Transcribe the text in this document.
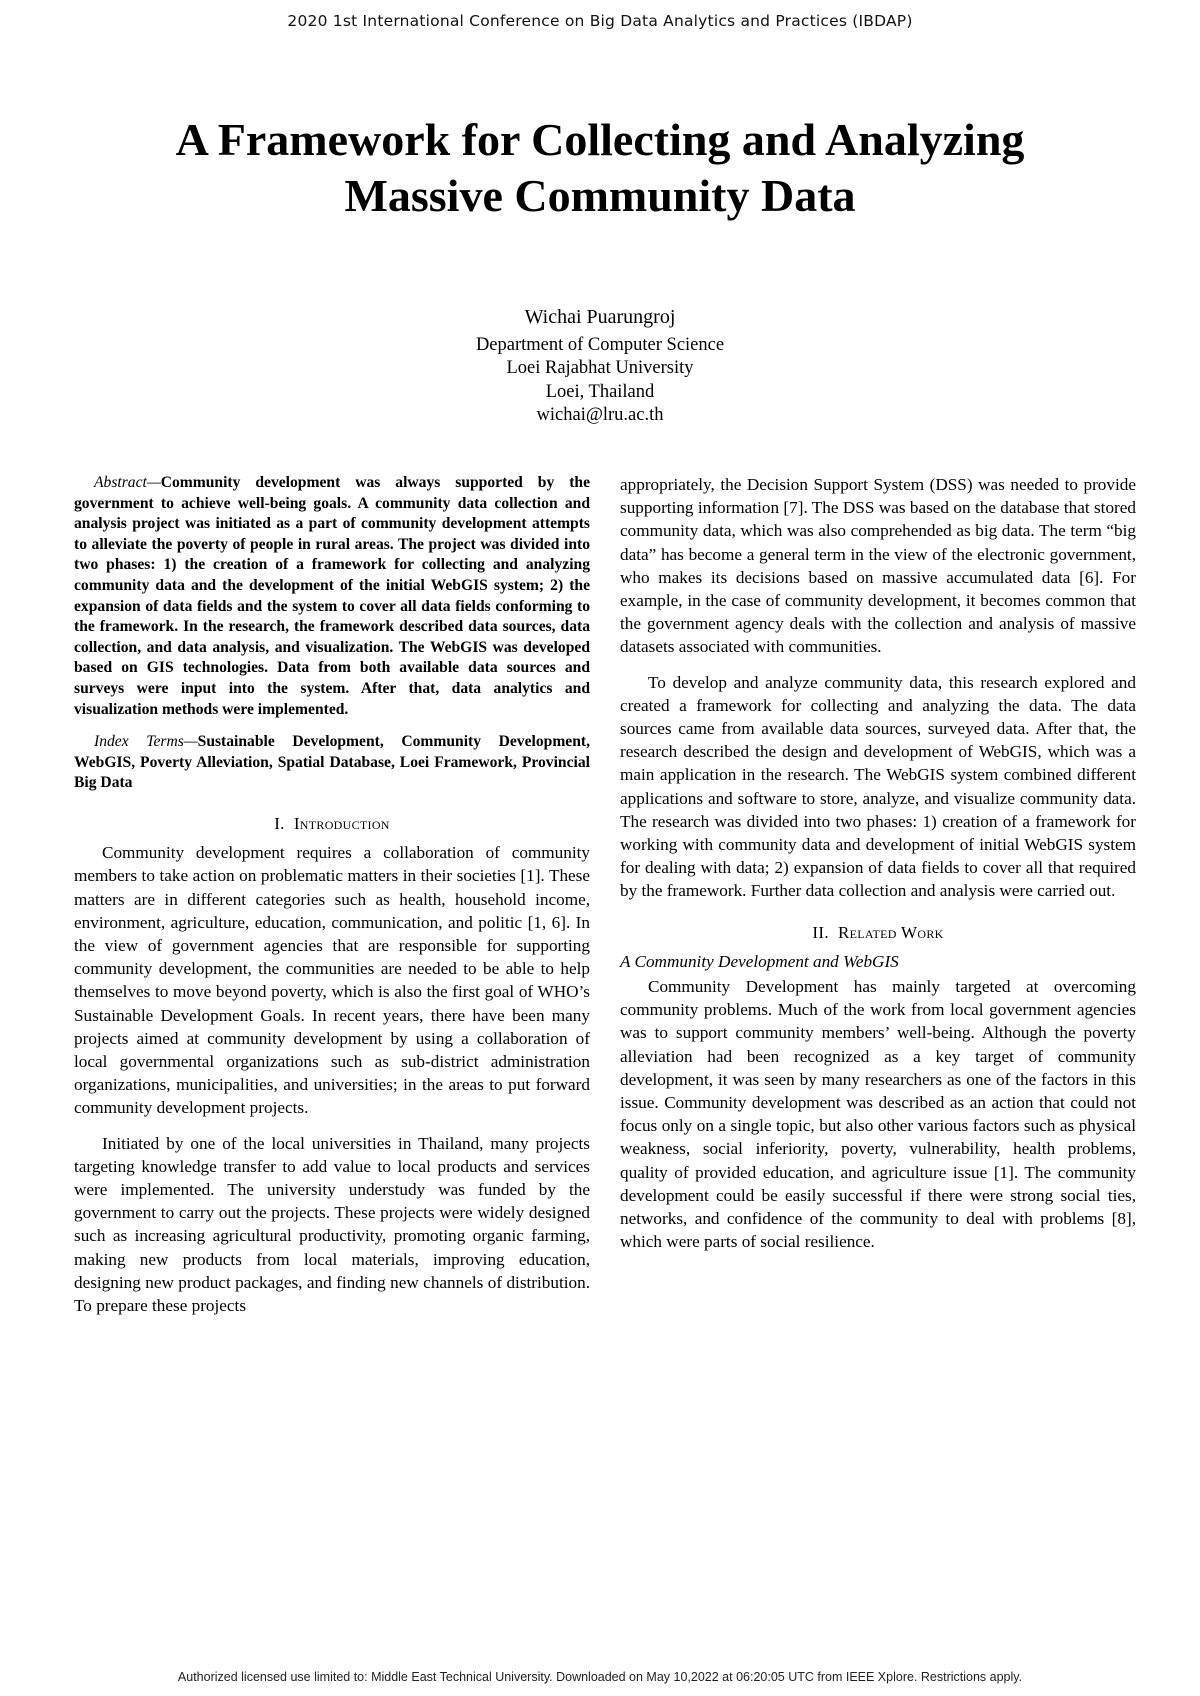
2020 1st International Conference on Big Data Analytics and Practices (IBDAP)
A Framework for Collecting and Analyzing
Massive Community Data
Wichai Puarungroj
Department of Computer Science
Loei Rajabhat University
Loei, Thailand
wichai@lru.ac.th

Abstract—Community development was always supported by the government to achieve well-being goals. A community data collection and analysis project was initiated as a part of community development attempts to alleviate the poverty of people in rural areas. The project was divided into two phases: 1) the creation of a framework for collecting and analyzing community data and the development of the initial WebGIS system; 2) the expansion of data fields and the system to cover all data fields conforming to the framework. In the research, the framework described data sources, data collection, and data analysis, and visualization. The WebGIS was developed based on GIS technologies. Data from both available data sources and surveys were input into the system. After that, data analytics and visualization methods were implemented.

Index Terms—Sustainable Development, Community Development, WebGIS, Poverty Alleviation, Spatial Database, Loei Framework, Provincial Big Data

I. Introduction

Community development requires a collaboration of community members to take action on problematic matters in their societies [1]. These matters are in different categories such as health, household income, environment, agriculture, education, communication, and politic [1, 6]. In the view of government agencies that are responsible for supporting community development, the communities are needed to be able to help themselves to move beyond poverty, which is also the first goal of WHO’s Sustainable Development Goals. In recent years, there have been many projects aimed at community development by using a collaboration of local governmental organizations such as sub-district administration organizations, municipalities, and universities; in the areas to put forward community development projects.

Initiated by one of the local universities in Thailand, many projects targeting knowledge transfer to add value to local products and services were implemented. The university understudy was funded by the government to carry out the projects. These projects were widely designed such as increasing agricultural productivity, promoting organic farming, making new products from local materials, improving education, designing new product packages, and finding new channels of distribution. To prepare these projects

appropriately, the Decision Support System (DSS) was needed to provide supporting information [7]. The DSS was based on the database that stored community data, which was also comprehended as big data. The term “big data” has become a general term in the view of the electronic government, who makes its decisions based on massive accumulated data [6]. For example, in the case of community development, it becomes common that the government agency deals with the collection and analysis of massive datasets associated with communities.

To develop and analyze community data, this research explored and created a framework for collecting and analyzing the data. The data sources came from available data sources, surveyed data. After that, the research described the design and development of WebGIS, which was a main application in the research. The WebGIS system combined different applications and software to store, analyze, and visualize community data. The research was divided into two phases: 1) creation of a framework for working with community data and development of initial WebGIS system for dealing with data; 2) expansion of data fields to cover all that required by the framework. Further data collection and analysis were carried out.

II. Related Work
A Community Development and WebGIS

Community Development has mainly targeted at overcoming community problems. Much of the work from local government agencies was to support community members’ well-being. Although the poverty alleviation had been recognized as a key target of community development, it was seen by many researchers as one of the factors in this issue. Community development was described as an action that could not focus only on a single topic, but also other various factors such as physical weakness, social inferiority, poverty, vulnerability, health problems, quality of provided education, and agriculture issue [1]. The community development could be easily successful if there were strong social ties, networks, and confidence of the community to deal with problems [8], which were parts of social resilience.

Authorized licensed use limited to: Middle East Technical University. Downloaded on May 10,2022 at 06:20:05 UTC from IEEE Xplore. Restrictions apply.
